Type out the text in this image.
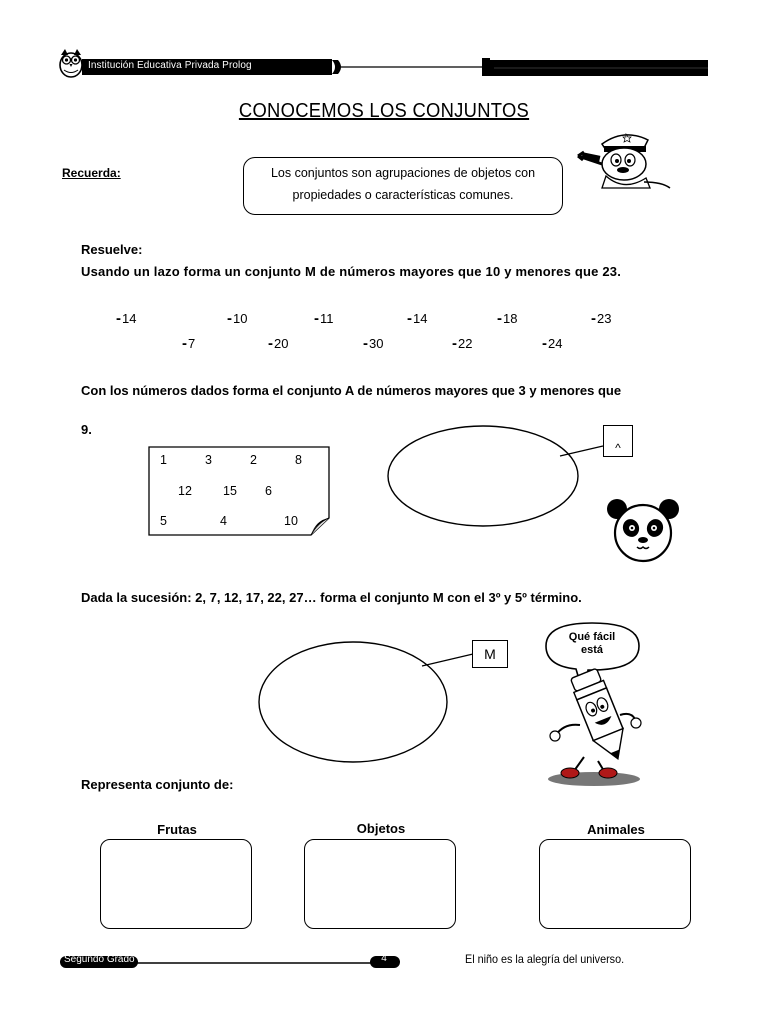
Institución Educativa Privada Prolog
CONOCEMOS LOS CONJUNTOS
Recuerda:	Los conjuntos son agrupaciones de objetos con
propiedades o características comunes.
Resuelve:
Usando un lazo forma un conjunto M de números mayores que 10 y menores que 23.
-14	-10	-11	-14	-18	-23
-7	-20	-30	-22	-24
Con los números dados forma el conjunto A de números mayores que 3 y menores que
9.
1	3	2	8
12 15 6
5	4	10
^
Dada la sucesión: 2, 7, 12, 17, 22, 27… forma el conjunto M con el 3º y 5º término.
M
Qué fácil
está
Representa conjunto de:
Frutas	Objetos	Animales
Segundo Grado	4	El niño es la alegría del universo.
